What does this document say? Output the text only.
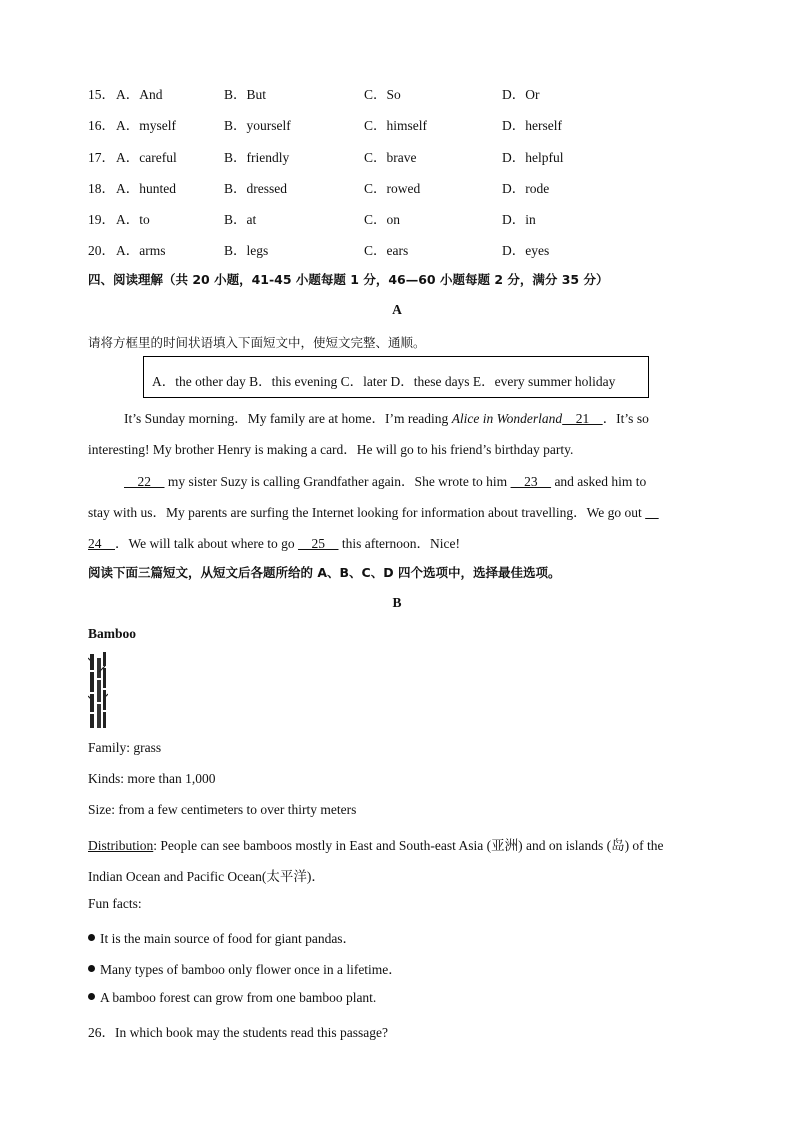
15． A．And	B．But	C．So	D．Or
16． A．myself	B．yourself	C．himself	D．herself
17． A．careful	B．friendly	C．brave	D．helpful
18． A．hunted	B．dressed	C．rowed	D．rode
19． A．to	B．at	C．on	D．in
20． A．arms	B．legs	C．ears	D．eyes
四、阅读理解（共 20 小题，41-45 小题每题 1 分，46—60 小题每题 2 分，满分 35 分）
A
请将方框里的时间状语填入下面短文中，使短文完整、通顺。
A．the other day B．this evening C．later D．these days E．every summer holiday
It’s Sunday morning．My family are at home．I’m reading Alice in Wonderland    21    ．It’s so
interesting! My brother Henry is making a card．He will go to his friend’s birthday party.
22     my sister Suzy is calling Grandfather again．She wrote to him     23     and asked him to
stay with us．My parents are surfing the Internet looking for information about travelling．We go out
24    ．We will talk about where to go     25     this afternoon．Nice!
阅读下面三篇短文，从短文后各题所给的 A、B、C、D 四个选项中，选择最佳选项。
B
Bamboo
Family: grass
Kinds: more than 1,000
Size: from a few centimeters to over thirty meters
Distribution: People can see bamboos mostly in East and South-east Asia (亚洲) and on islands (岛) of the
Indian Ocean and Pacific Ocean(太平洋)．
Fun facts:
It is the main source of food for giant pandas．
Many types of bamboo only flower once in a lifetime．
A bamboo forest can grow from one bamboo plant.
26．In which book may the students read this passage?
